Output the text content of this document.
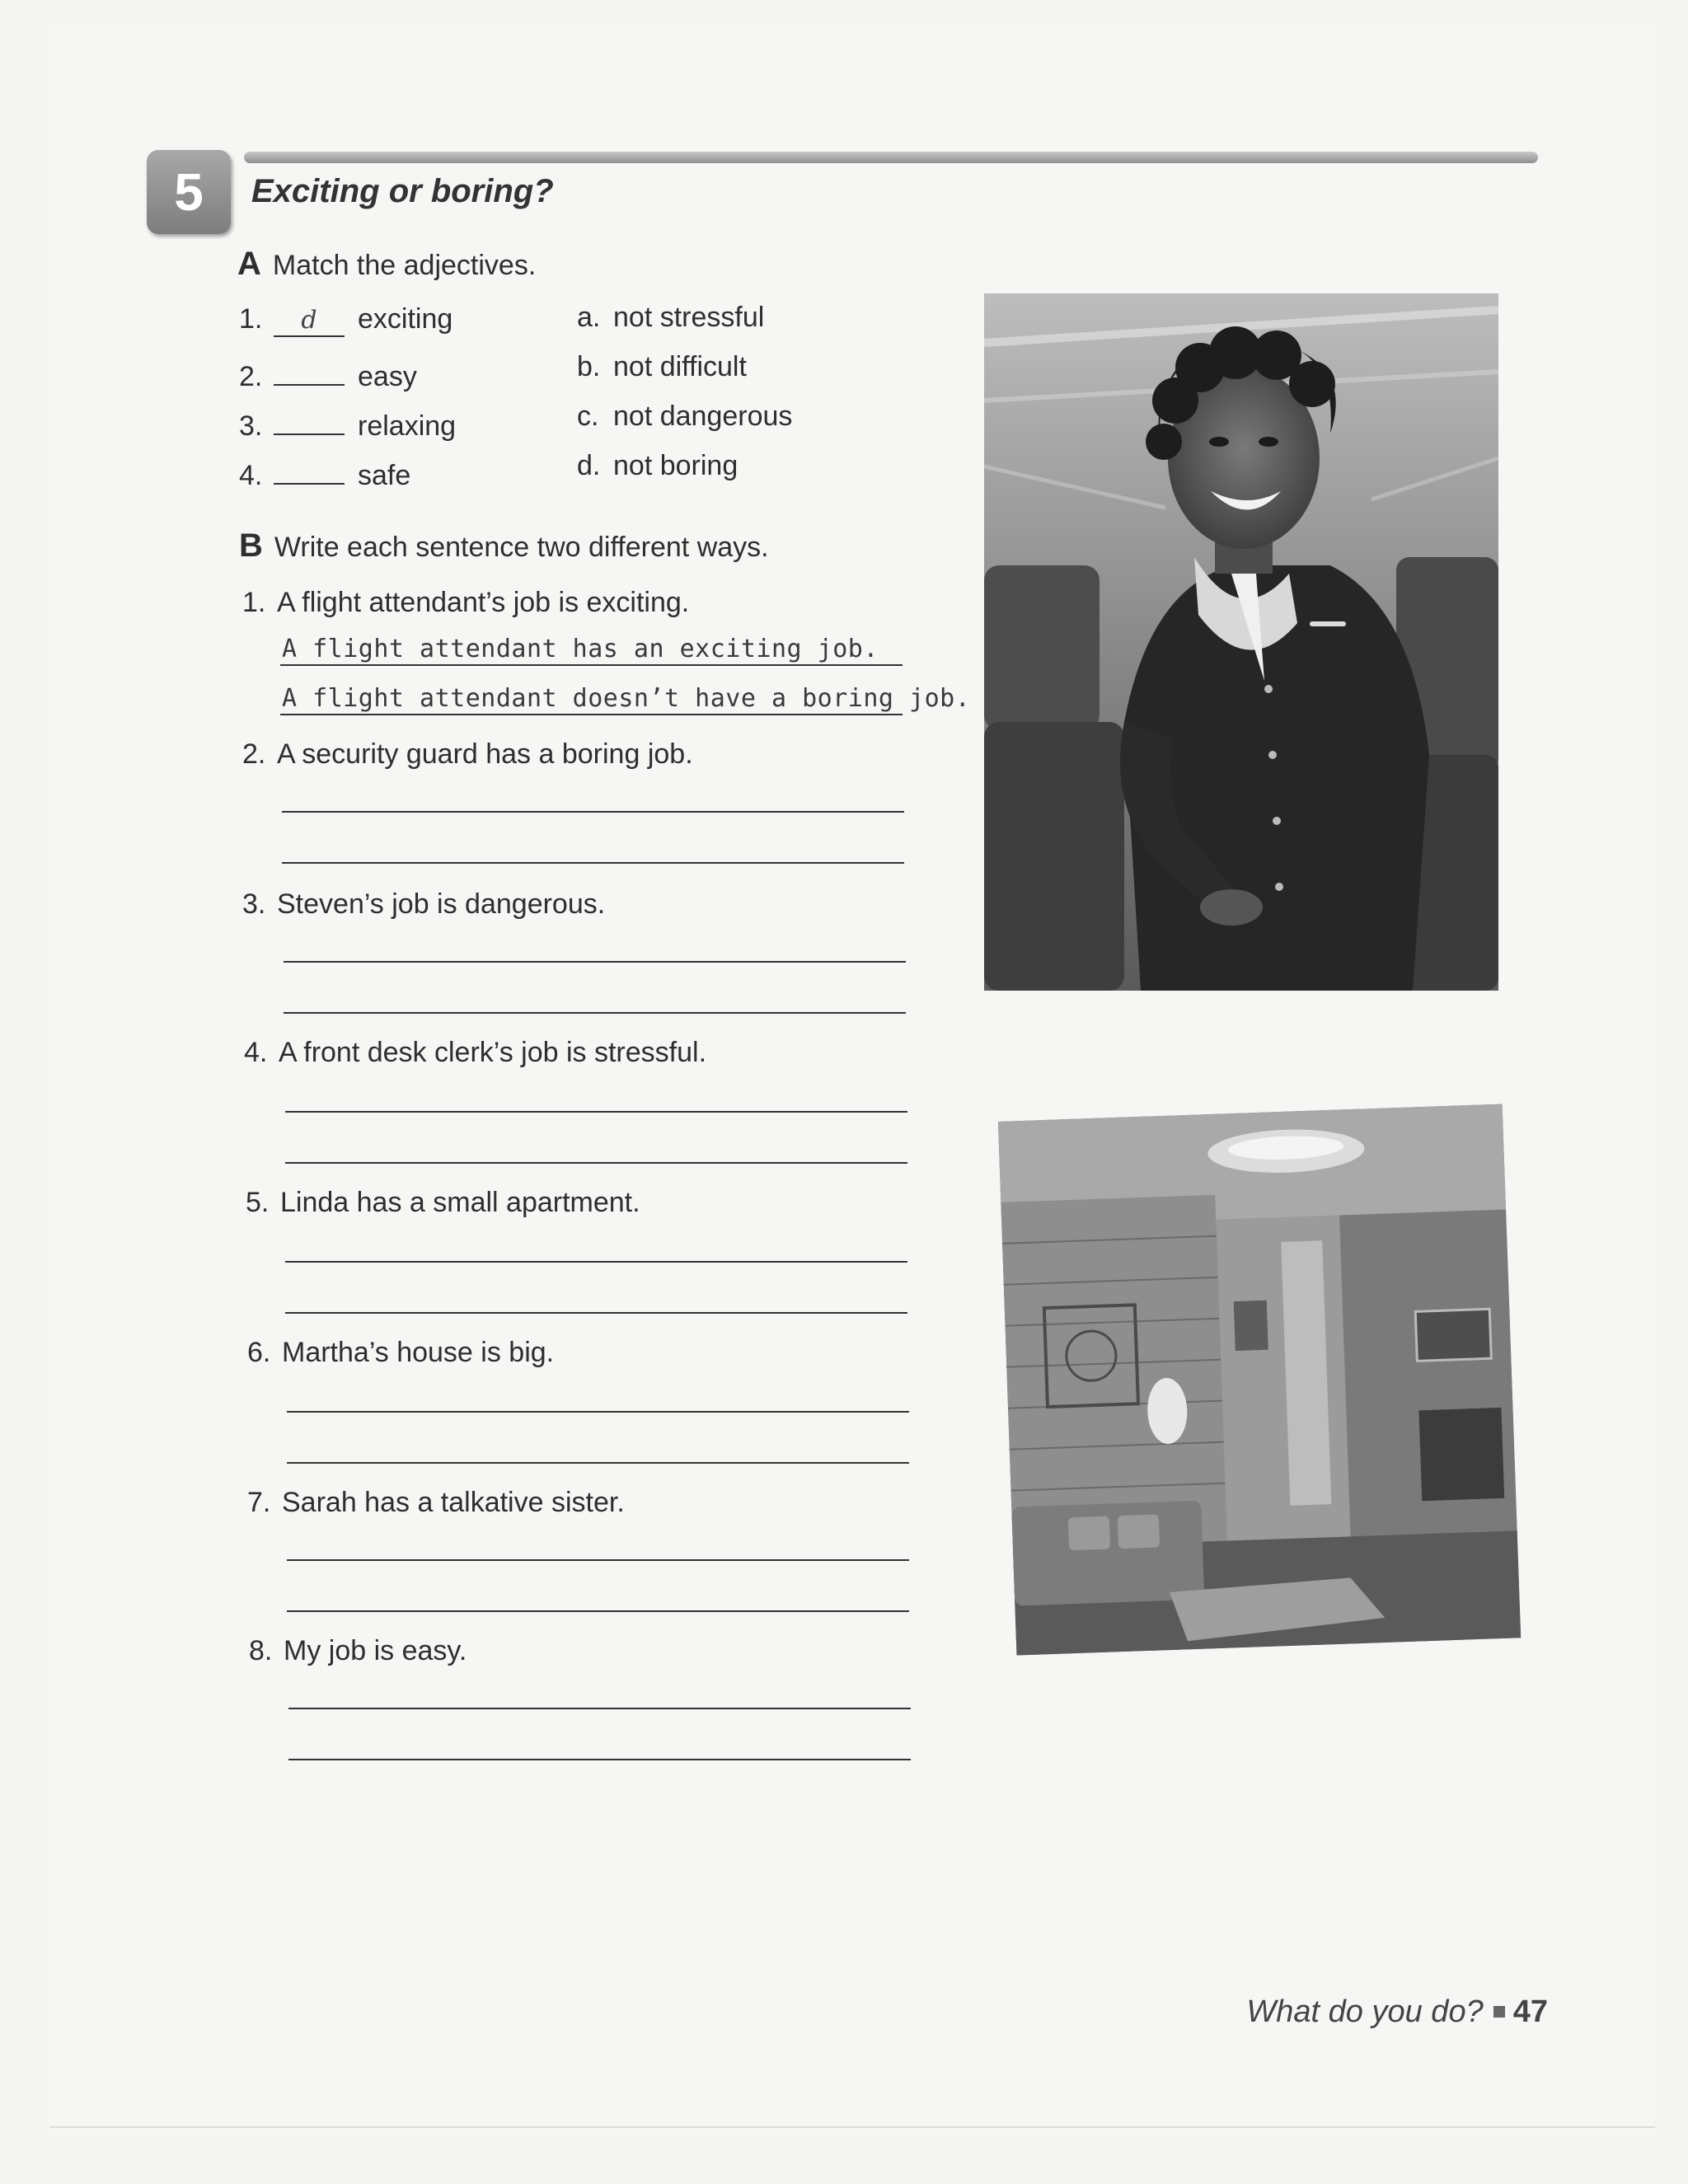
5 Exciting or boring?
A Match the adjectives.
1. d exciting
2.	easy
3.	relaxing
4.	safe
a. not stressful
b. not difficult
c. not dangerous
d. not boring
B Write each sentence two different ways.
1. A flight attendant’s job is exciting.
A flight attendant has an exciting job.
A flight attendant doesn’t have a boring job.
2. A security guard has a boring job.
3. Steven’s job is dangerous.
4. A front desk clerk’s job is stressful.
5. Linda has a small apartment.
6. Martha’s house is big.
7. Sarah has a talkative sister.
8. My job is easy.
What do you do? 47
